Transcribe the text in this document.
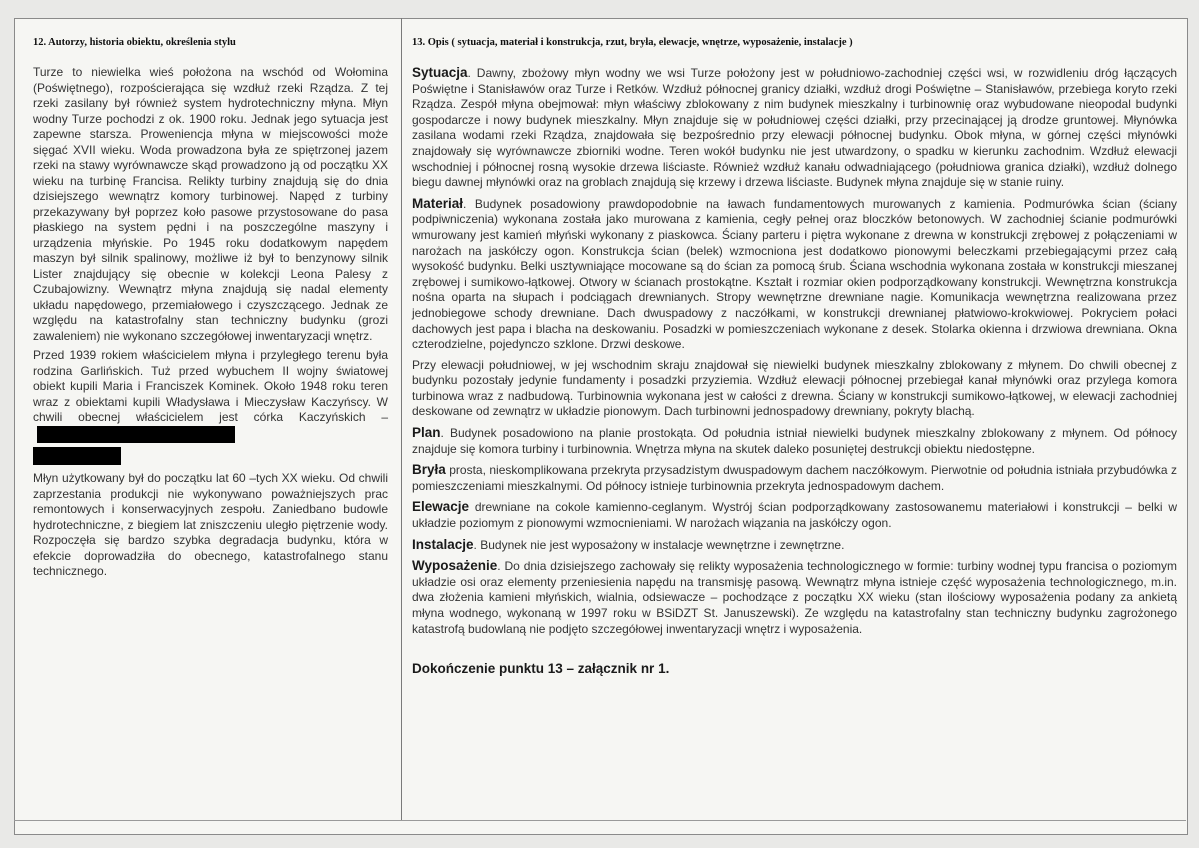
12. Autorzy, historia obiektu, określenia stylu

Turze to niewielka wieś położona na wschód od Wołomina (Poświętnego), rozpościerająca się wzdłuż rzeki Rządza. Z tej rzeki zasilany był również system hydrotechniczny młyna. Młyn wodny Turze pochodzi z ok. 1900 roku. Jednak jego sytuacja jest zapewne starsza. Proweniencja młyna w miejscowości może sięgać XVII wieku. Woda prowadzona była ze spiętrzonej jazem rzeki na stawy wyrównawcze skąd prowadzono ją od początku XX wieku na turbinę Francisa. Relikty turbiny znajdują się do dnia dzisiejszego wewnątrz komory turbinowej. Napęd z turbiny przekazywany był poprzez koło pasowe przystosowane do pasa płaskiego na system pędni i na poszczególne maszyny i urządzenia młyńskie. Po 1945 roku dodatkowym napędem maszyn był silnik spalinowy, możliwe iż był to benzynowy silnik Lister znajdujący się obecnie w kolekcji Leona Palesy z Czubajowizny. Wewnątrz młyna znajdują się nadal elementy układu napędowego, przemiałowego i czyszczącego. Jednak ze względu na katastrofalny stan techniczny budynku (grozi zawaleniem) nie wykonano szczegółowej inwentaryzacji wnętrz.

Przed 1939 rokiem właścicielem młyna i przyległego terenu była rodzina Garlińskich. Tuż przed wybuchem II wojny światowej obiekt kupili Maria i Franciszek Kominek. Około 1948 roku teren wraz z obiektami kupili Władysława i Mieczysław Kaczyńscy. W chwili obecnej właścicielem jest córka Kaczyńskich –

Młyn użytkowany był do początku lat 60 –tych XX wieku. Od chwili zaprzestania produkcji nie wykonywano poważniejszych prac remontowych i konserwacyjnych zespołu. Zaniedbano budowle hydrotechniczne, z biegiem lat zniszczeniu uległo piętrzenie wody. Rozpoczęła się bardzo szybka degradacja budynku, która w efekcie doprowadziła do obecnego, katastrofalnego stanu technicznego.

13. Opis ( sytuacja, materiał i konstrukcja, rzut, bryła, elewacje, wnętrze, wyposażenie, instalacje )

Sytuacja. Dawny, zbożowy młyn wodny we wsi Turze położony jest w południowo-zachodniej części wsi, w rozwidleniu dróg łączących Poświętne i Stanisławów oraz Turze i Retków. Wzdłuż północnej granicy działki, wzdłuż drogi Poświętne – Stanisławów, przebiega koryto rzeki Rządza. Zespół młyna obejmował: młyn właściwy zblokowany z nim budynek mieszkalny i turbinownię oraz wybudowane nieopodal budynki gospodarcze i nowy budynek mieszkalny. Młyn znajduje się w południowej części działki, przy przecinającej ją drodze gruntowej. Młynówka zasilana wodami rzeki Rządza, znajdowała się bezpośrednio przy elewacji północnej budynku. Obok młyna, w górnej części młynówki znajdowały się wyrównawcze zbiorniki wodne. Teren wokół budynku nie jest utwardzony, o spadku w kierunku zachodnim. Wzdłuż elewacji wschodniej i północnej rosną wysokie drzewa liściaste. Również wzdłuż kanału odwadniającego (południowa granica działki), wzdłuż dolnego biegu dawnej młynówki oraz na groblach znajdują się krzewy i drzewa liściaste. Budynek młyna znajduje się w stanie ruiny.

Materiał. Budynek posadowiony prawdopodobnie na ławach fundamentowych murowanych z kamienia. Podmurówka ścian (ściany podpiwniczenia) wykonana została jako murowana z kamienia, cegły pełnej oraz bloczków betonowych. W zachodniej ścianie podmurówki wmurowany jest kamień młyński wykonany z piaskowca. Ściany parteru i piętra wykonane z drewna w konstrukcji zrębowej z połączeniami w narożach na jaskółczy ogon. Konstrukcja ścian (belek) wzmocniona jest dodatkowo pionowymi beleczkami przebiegającymi przez całą wysokość budynku. Belki usztywniające mocowane są do ścian za pomocą śrub. Ściana wschodnia wykonana została w konstrukcji mieszanej zrębowej i sumikowo-łątkowej. Otwory w ścianach prostokątne. Kształt i rozmiar okien podporządkowany konstrukcji. Wewnętrzna konstrukcja nośna oparta na słupach i podciągach drewnianych. Stropy wewnętrzne drewniane nagie. Komunikacja wewnętrzna realizowana przez jednobiegowe schody drewniane. Dach dwuspadowy z naczółkami, w konstrukcji drewnianej płatwiowo-krokwiowej. Pokryciem połaci dachowych jest papa i blacha na deskowaniu. Posadzki w pomieszczeniach wykonane z desek. Stolarka okienna i drzwiowa drewniana. Okna czterodzielne, pojedynczo szklone. Drzwi deskowe.

Przy elewacji południowej, w jej wschodnim skraju znajdował się niewielki budynek mieszkalny zblokowany z młynem. Do chwili obecnej z budynku pozostały jedynie fundamenty i posadzki przyziemia. Wzdłuż elewacji północnej przebiegał kanał młynówki oraz przylega komora turbinowa wraz z nadbudową. Turbinownia wykonana jest w całości z drewna. Ściany w konstrukcji sumikowo-łątkowej, w elewacji zachodniej deskowane od zewnątrz w układzie pionowym. Dach turbinowni jednospadowy drewniany, pokryty blachą.

Plan. Budynek posadowiono na planie prostokąta. Od południa istniał niewielki budynek mieszkalny zblokowany z młynem. Od północy znajduje się komora turbiny i turbinownia. Wnętrza młyna na skutek daleko posuniętej destrukcji obiektu niedostępne.

Bryła prosta, nieskomplikowana przekryta przysadzistym dwuspadowym dachem naczółkowym. Pierwotnie od południa istniała przybudówka z pomieszczeniami mieszkalnymi. Od północy istnieje turbinownia przekryta jednospadowym dachem.

Elewacje drewniane na cokole kamienno-ceglanym. Wystrój ścian podporządkowany zastosowanemu materiałowi i konstrukcji – belki w układzie poziomym z pionowymi wzmocnieniami. W narożach wiązania na jaskółczy ogon.

Instalacje. Budynek nie jest wyposażony w instalacje wewnętrzne i zewnętrzne.

Wyposażenie. Do dnia dzisiejszego zachowały się relikty wyposażenia technologicznego w formie: turbiny wodnej typu francisa o poziomym układzie osi oraz elementy przeniesienia napędu na transmisję pasową. Wewnątrz młyna istnieje część wyposażenia technologicznego, m.in. dwa złożenia kamieni młyńskich, wialnia, odsiewacze – pochodzące z początku XX wieku (stan ilościowy wyposażenia podany za ankietą młyna wodnego, wykonaną w 1997 roku w BSiDZT St. Januszewski). Ze względu na katastrofalny stan techniczny budynku zagrożonego katastrofą budowlaną nie podjęto szczegółowej inwentaryzacji wnętrz i wyposażenia.

Dokończenie punktu 13 – załącznik nr 1.
